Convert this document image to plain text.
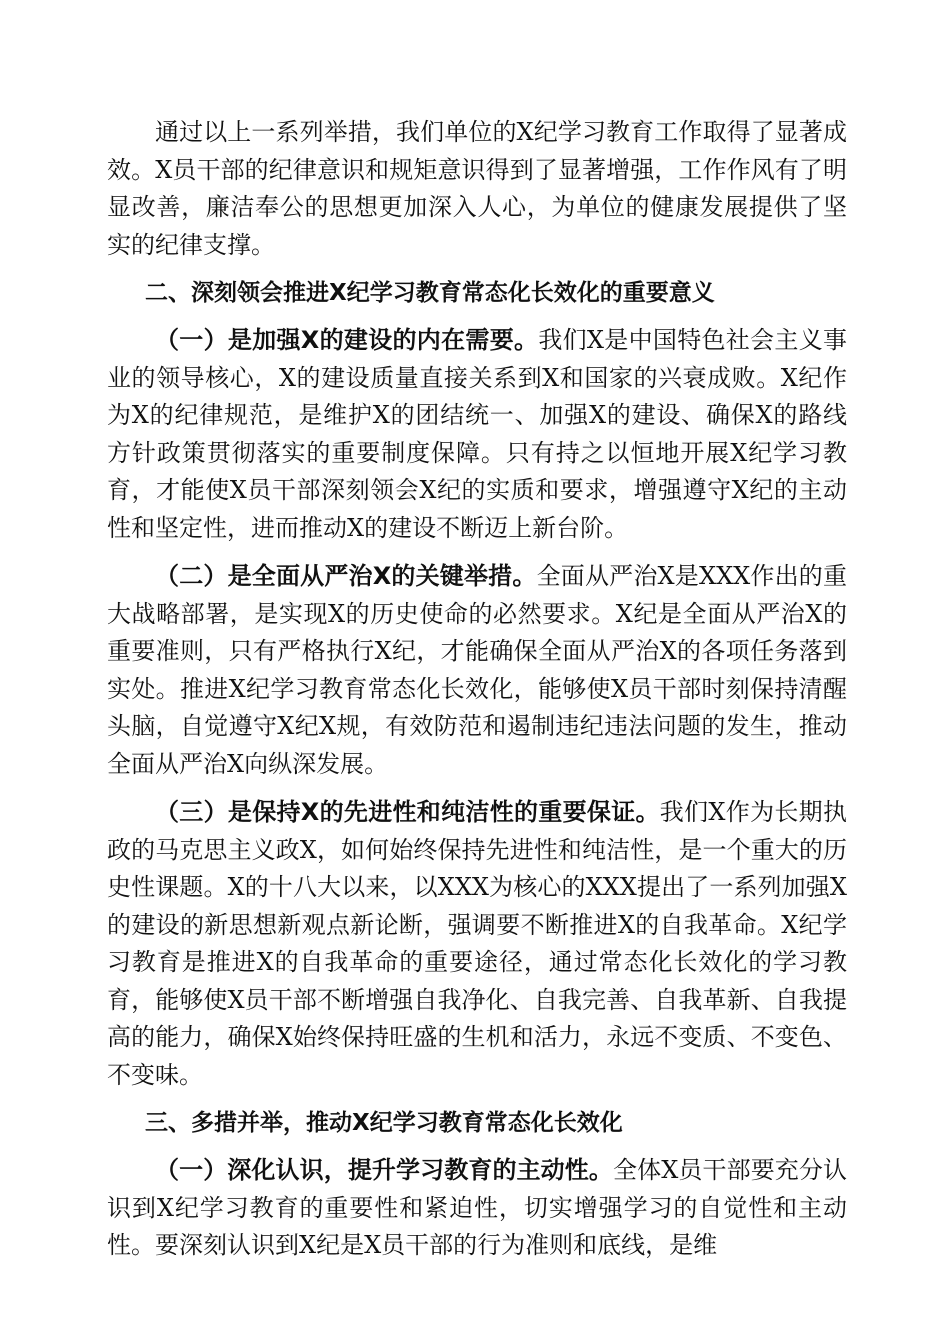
通过以上一系列举措，我们单位的X纪学习教育工作取得了显著成效。X员干部的纪律意识和规矩意识得到了显著增强，工作作风有了明显改善，廉洁奉公的思想更加深入人心，为单位的健康发展提供了坚实的纪律支撑。

二、深刻领会推进X纪学习教育常态化长效化的重要意义

（一）是加强X的建设的内在需要。我们X是中国特色社会主义事业的领导核心，X的建设质量直接关系到X和国家的兴衰成败。X纪作为X的纪律规范，是维护X的团结统一、加强X的建设、确保X的路线方针政策贯彻落实的重要制度保障。只有持之以恒地开展X纪学习教育，才能使X员干部深刻领会X纪的实质和要求，增强遵守X纪的主动性和坚定性，进而推动X的建设不断迈上新台阶。

（二）是全面从严治X的关键举措。全面从严治X是XXX作出的重大战略部署，是实现X的历史使命的必然要求。X纪是全面从严治X的重要准则，只有严格执行X纪，才能确保全面从严治X的各项任务落到实处。推进X纪学习教育常态化长效化，能够使X员干部时刻保持清醒头脑，自觉遵守X纪X规，有效防范和遏制违纪违法问题的发生，推动全面从严治X向纵深发展。

（三）是保持X的先进性和纯洁性的重要保证。我们X作为长期执政的马克思主义政X，如何始终保持先进性和纯洁性，是一个重大的历史性课题。X的十八大以来，以XXX为核心的XXX提出了一系列加强X的建设的新思想新观点新论断，强调要不断推进X的自我革命。X纪学习教育是推进X的自我革命的重要途径，通过常态化长效化的学习教育，能够使X员干部不断增强自我净化、自我完善、自我革新、自我提高的能力，确保X始终保持旺盛的生机和活力，永远不变质、不变色、不变味。

三、多措并举，推动X纪学习教育常态化长效化

（一）深化认识，提升学习教育的主动性。全体X员干部要充分认识到X纪学习教育的重要性和紧迫性，切实增强学习的自觉性和主动性。要深刻认识到X纪是X员干部的行为准则和底线，是维
